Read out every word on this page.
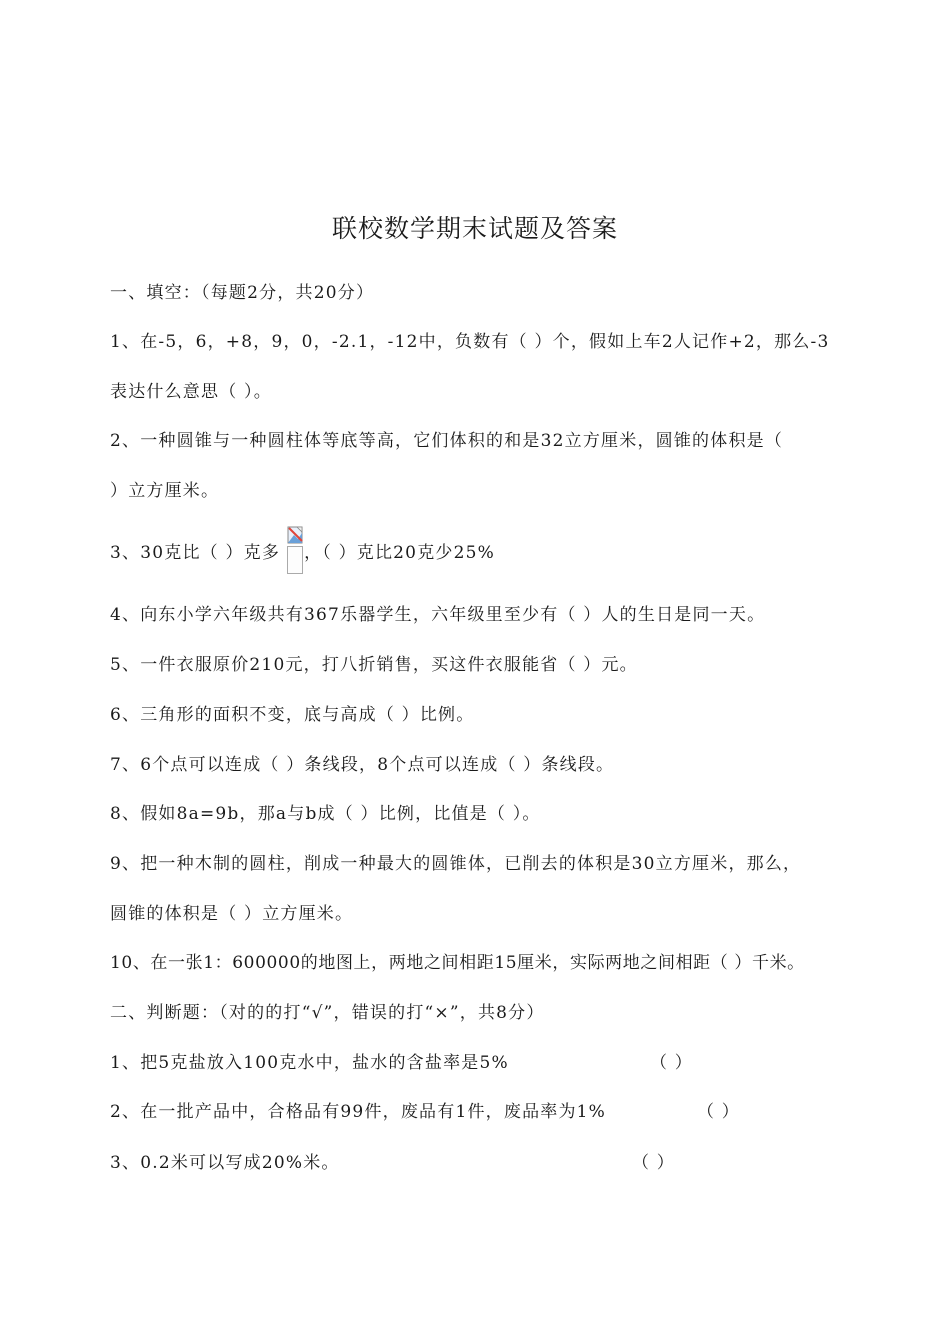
联校数学期末试题及答案
一、填空：（每题2分，共20分）
1、在-5，6，+8，9，0，-2.1，-12中，负数有（ ）个，假如上车2人记作+2，那么-3
表达什么意思（ ）。
2、一种圆锥与一种圆柱体等底等高，它们体积的和是32立方厘米，圆锥的体积是（
）立方厘米。
3、30克比（ ）克多 ，（ ）克比20克少25%
4、向东小学六年级共有367乐器学生，六年级里至少有（ ）人的生日是同一天。
5、一件衣服原价210元，打八折销售，买这件衣服能省（ ）元。
6、三角形的面积不变，底与高成（ ）比例。
7、6个点可以连成（ ）条线段，8个点可以连成（ ）条线段。
8、假如8a=9b，那a与b成（ ）比例，比值是（ ）。
9、把一种木制的圆柱，削成一种最大的圆锥体，已削去的体积是30立方厘米，那么，
圆锥的体积是（ ）立方厘米。
10、在一张1：600000的地图上，两地之间相距15厘米，实际两地之间相距（ ）千米。
二、判断题：（对的的打“√”，错误的打“×”，共8分）
1、把5克盐放入100克水中，盐水的含盐率是5%	（ ）
2、在一批产品中，合格品有99件，废品有1件，废品率为1%	（ ）
3、0.2米可以写成20%米。	（ ）
